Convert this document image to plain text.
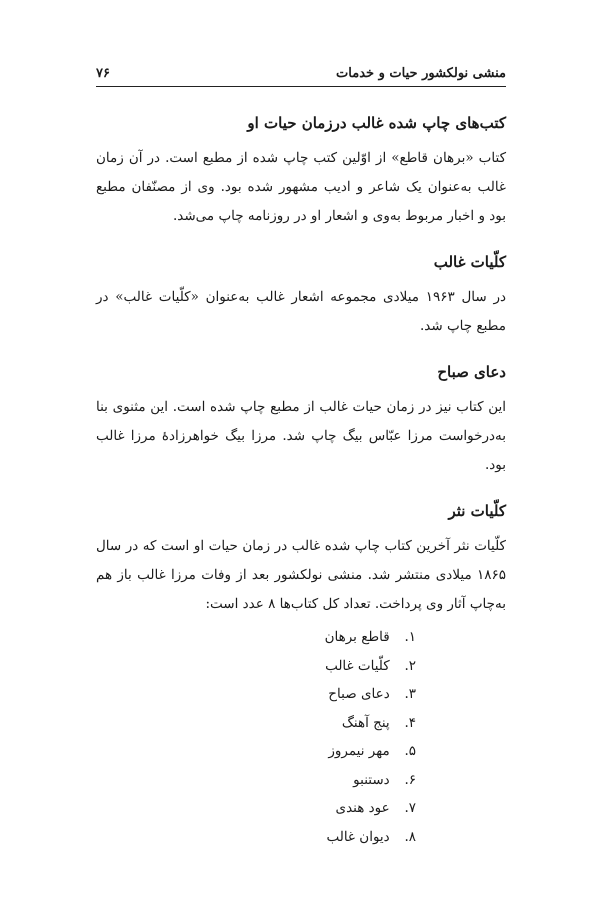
منشی نولکشور حیات و خدمات
۷۶
کتب‌های چاپ شده غالب درزمان حیات او

کتاب «برهان قاطع» از اوّلین کتب چاپ شده از مطبع است. در آن زمان غالب به‌عنوان یک شاعر و ادیب مشهور شده بود. وی از مصنّفان مطبع بود و اخبار مربوط به‌وی و اشعار او در روزنامه چاپ می‌شد.

کلّیات غالب

در سال ۱۹۶۳ میلادی مجموعه اشعار غالب به‌عنوان «کلّیات غالب» در مطبع چاپ شد.

دعای صباح

این کتاب نیز در زمان حیات غالب از مطبع چاپ شده است. این مثنوی بنا به‌درخواست مرزا عبّاس بیگ چاپ شد. مرزا بیگ خواهرزادهٔ مرزا غالب بود.

کلّیات نثر

کلّیات نثر آخرین کتاب چاپ شده غالب در زمان حیات او است که در سال ۱۸۶۵ میلادی منتشر شد. منشی نولکشور بعد از وفات مرزا غالب باز هم به‌چاپ آثار وی پرداخت. تعداد کل کتاب‌ها ۸ عدد است:

۱. قاطع برهان
۲. کلّیات غالب
۳. دعای صباح
۴. پنج آهنگ
۵. مهر نیمروز
۶. دستنبو
۷. عود هندی
۸. دیوان غالب
